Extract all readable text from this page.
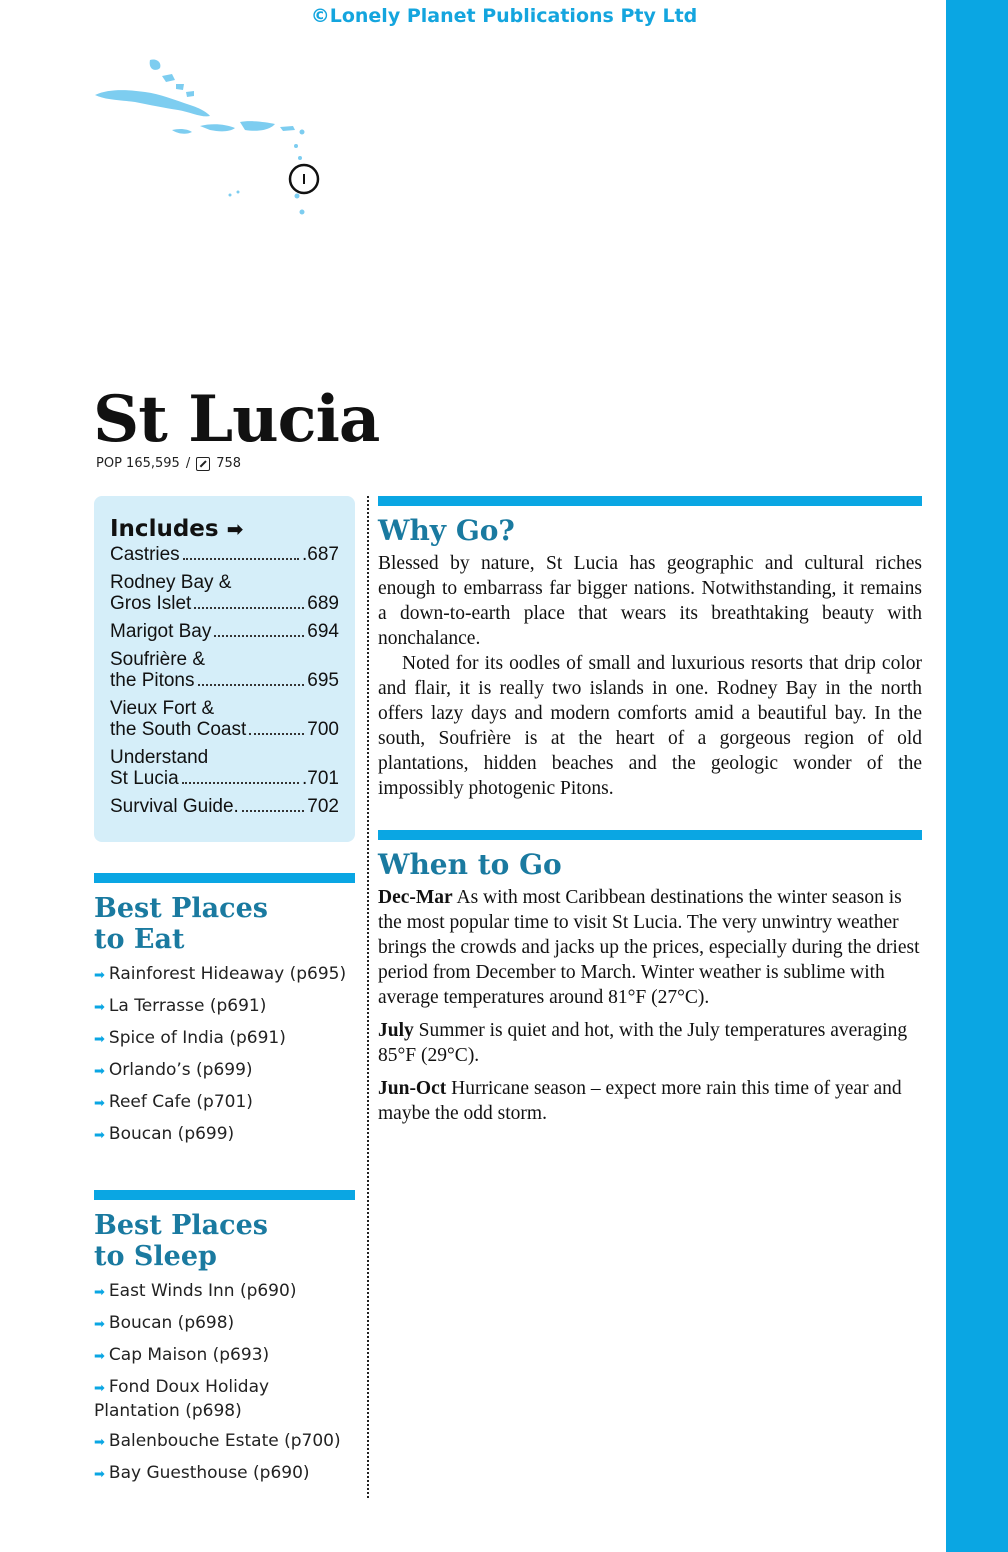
©Lonely Planet Publications Pty Ltd
St Lucia
POP 165,595 / 758
Includes ➡
Castries	.687
Rodney Bay &
Gros Islet	689
Marigot Bay	694
Soufrière &
the Pitons	695
Vieux Fort &
the South Coast	700
Understand
St Lucia	.701
Survival Guide.	702
Best Places
to Eat
➡ Rainforest Hideaway (p695)
➡ La Terrasse (p691)
➡ Spice of India (p691)
➡ Orlando’s (p699)
➡ Reef Cafe (p701)
➡ Boucan (p699)
Best Places
to Sleep
➡ East Winds Inn (p690)
➡ Boucan (p698)
➡ Cap Maison (p693)
➡ Fond Doux Holiday Plantation (p698)
➡ Balenbouche Estate (p700)
➡ Bay Guesthouse (p690)
Why Go?

Blessed by nature, St Lucia has geographic and cultural riches enough to embarrass far bigger nations. Notwithstanding, it remains a down-to-earth place that wears its breathtaking beauty with nonchalance.

Noted for its oodles of small and luxurious resorts that drip color and flair, it is really two islands in one. Rodney Bay in the north offers lazy days and modern comforts amid a beautiful bay. In the south, Soufrière is at the heart of a gorgeous region of old plantations, hidden beaches and the geologic wonder of the impossibly photogenic Pitons.

When to Go

Dec-Mar As with most Caribbean destinations the winter season is the most popular time to visit St Lucia. The very unwintry weather brings the crowds and jacks up the prices, especially during the driest period from December to March. Winter weather is sublime with average temperatures around 81°F (27°C).

July Summer is quiet and hot, with the July temperatures averaging 85°F (29°C).

Jun-Oct Hurricane season – expect more rain this time of year and maybe the odd storm.
